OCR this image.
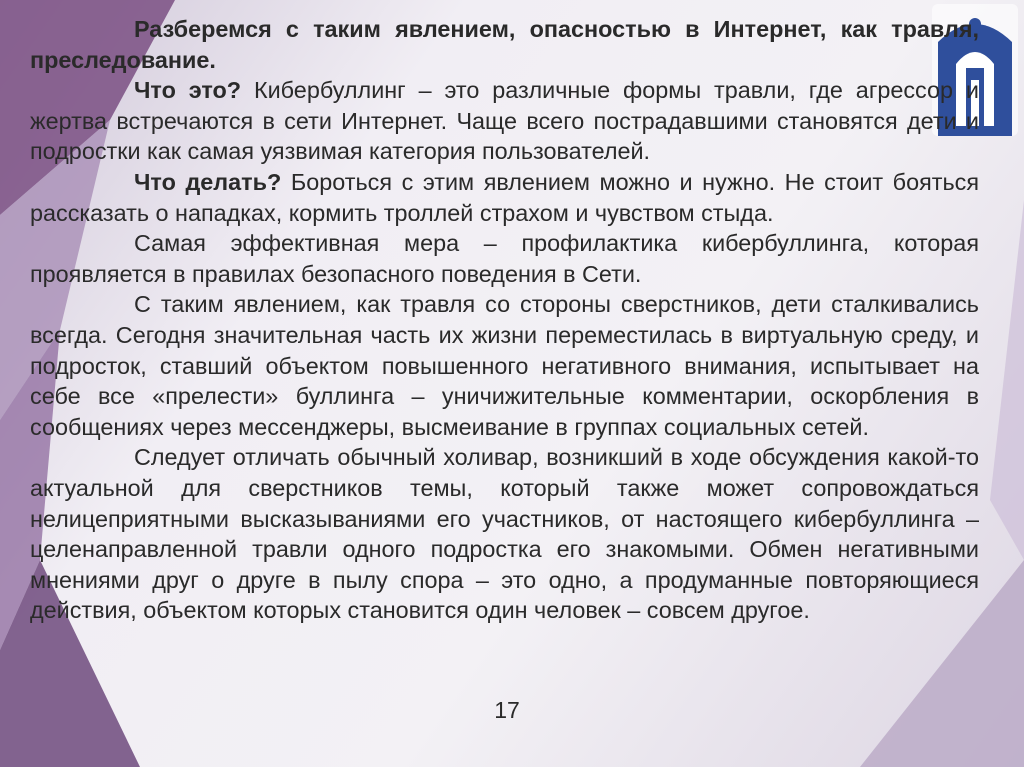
Разберемся с таким явлением, опасностью в Интернет, как травля, преследование.

Что это? Кибербуллинг – это различные формы травли, где агрессор и жертва встречаются в сети Интернет. Чаще всего пострадавшими становятся дети и подростки как самая уязвимая категория пользователей.

Что делать? Бороться с этим явлением можно и нужно. Не стоит бояться рассказать о нападках, кормить троллей страхом и чувством стыда.

Самая эффективная мера – профилактика кибербуллинга, которая проявляется в правилах безопасного поведения в Сети.

С таким явлением, как травля со стороны сверстников, дети сталкивались всегда. Сегодня значительная часть их жизни переместилась в виртуальную среду, и подросток, ставший объектом повышенного негативного внимания, испытывает на себе все «прелести» буллинга – уничижительные комментарии, оскорбления в сообщениях через мессенджеры, высмеивание в группах социальных сетей.

Следует отличать обычный холивар, возникший в ходе обсуждения какой-то актуальной для сверстников темы, который также может сопровождаться нелицеприятными высказываниями его участников, от настоящего кибербуллинга – целенаправленной травли одного подростка его знакомыми. Обмен негативными мнениями друг о друге в пылу спора – это одно, а продуманные повторяющиеся действия, объектом которых становится один человек – совсем другое.

17
